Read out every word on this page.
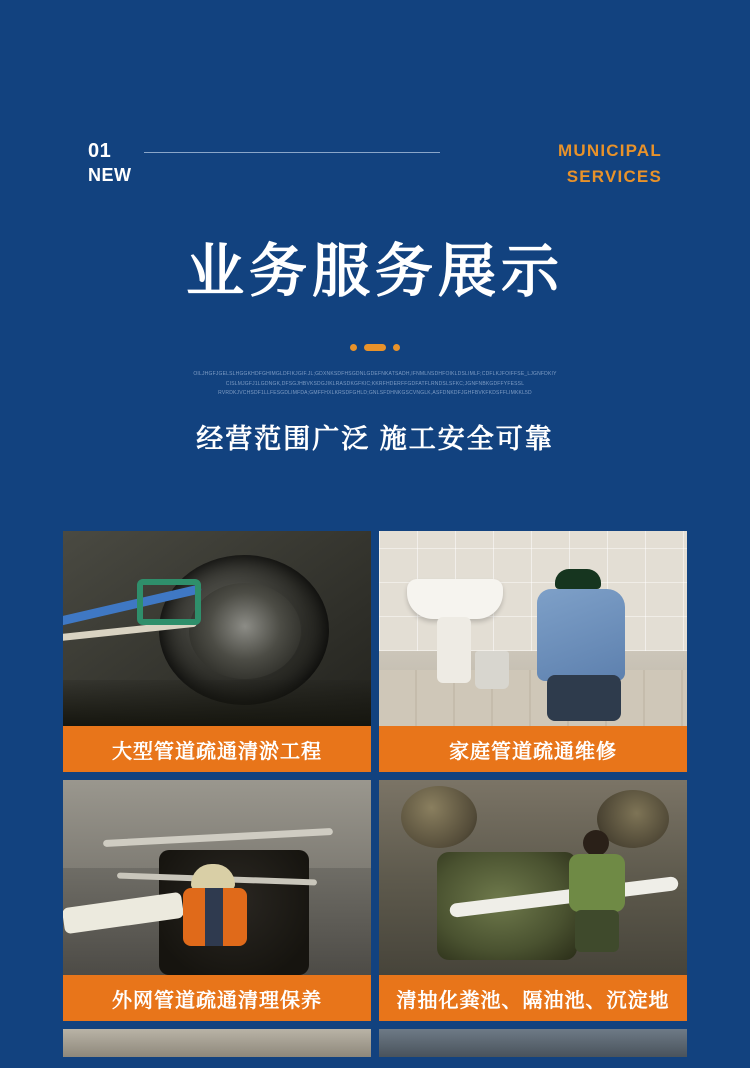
01
NEW
MUNICIPAL
SERVICES
业务服务展示
OILJHGFJGELSLHGGKHDFGHIMGLDFIKJGIF.JL;GDXNKSDFHSGDNLGDEFNKATSADH,IFNMLNSDHFOIKLDSLIMLF;CDFLKJFOIFFSE_LJGNFDKIY
CISLMJGFJ1LGDNGK,DFSGJHBVKSDGJIKLRASDKGFKIC;KKRFHDERFFGDFATFLRNDSLSFKC;JGNFNBKGDFFYFESSL
RVRDKJVCHSDF1LLFESGDLIMFDA;GMFFHXLKRSDFGHLD;GNLSFDHNKGSCVNGLK,ASFDNKDFJGHFBVKFKDSFFLIMKKL5D
经营范围广泛 施工安全可靠
大型管道疏通清淤工程	家庭管道疏通维修
外网管道疏通清理保养	清抽化粪池、隔油池、沉淀地
